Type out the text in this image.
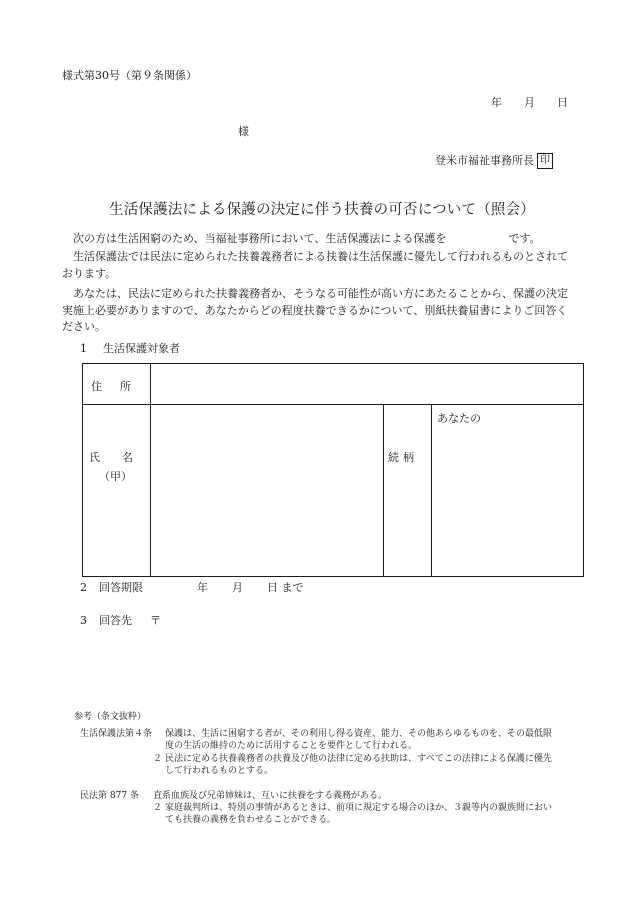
様式第30号（第９条関係）
年 月 日
様
登米市福祉事務所長 印
生活保護法による保護の決定に伴う扶養の可否について（照会）
次の方は生活困窮のため、当福祉事務所において、生活保護法による保護を	です。
生活保護法では民法に定められた扶養義務者による扶養は生活保護に優先して行われるものとされております。
あなたは、民法に定められた扶養義務者か、そうなる可能性が高い方にあたることから、保護の決定実施上必要がありますので、あなたからどの程度扶養できるかについて、別紙扶養届書によりご回答ください。
1 生活保護対象者
住 所
氏 名
（甲）
続 柄
あなたの
2 回答期限	年 月 日 まで
3 回答先 〒
参考（条文抜粋）
生活保護法第４条 保護は、生活に困窮する者が、その利用し得る資産、能力、その他あらゆるものを、その最低限
度の生活の維持のために活用することを要件として行われる。
２ 民法に定める扶養義務者の扶養及び他の法律に定める扶助は、すべてこの法律による保護に優先
して行われるものとする。
民法第 877 条 直系血族及び兄弟姉妹は、互いに扶養をする義務がある。
２ 家庭裁判所は、特別の事情があるときは、前項に規定する場合のほか、３親等内の親族間におい
ても扶養の義務を負わせることができる。
